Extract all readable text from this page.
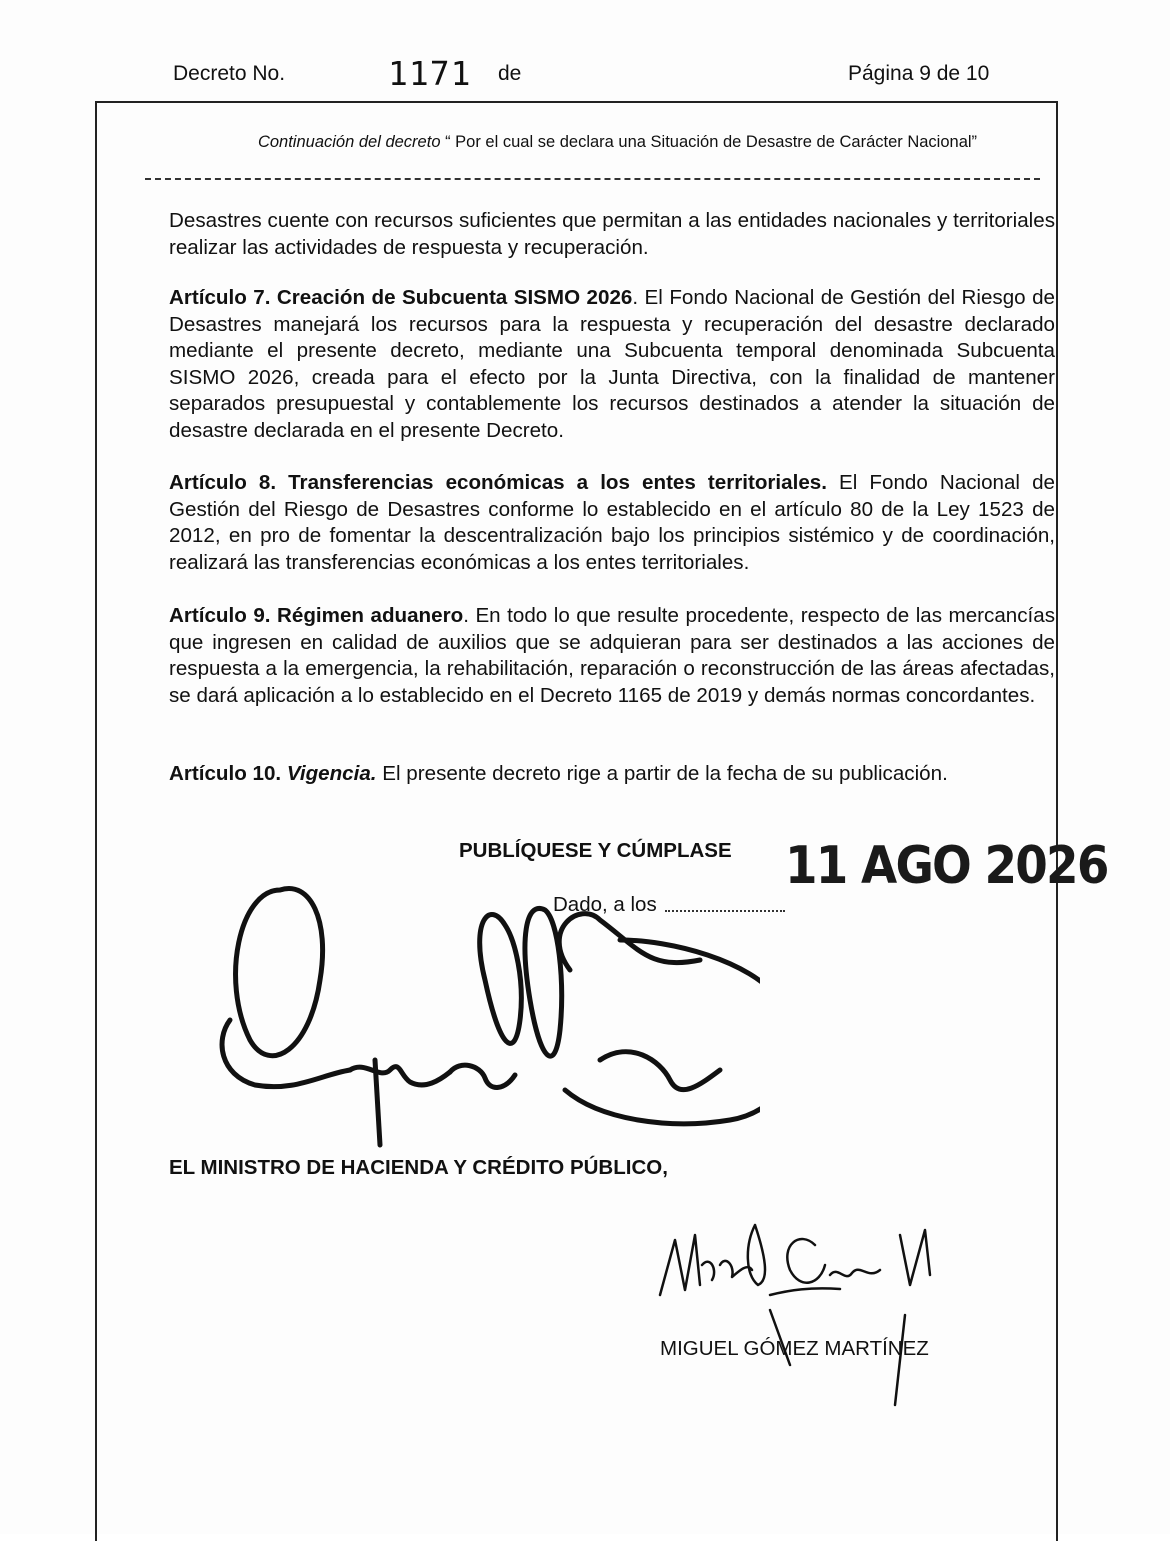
Decreto No.	1171 de	Página 9 de 10
Continuación del decreto “ Por el cual se declara una Situación de Desastre de Carácter Nacional”
Desastres cuente con recursos suficientes que permitan a las entidades nacionales y territoriales realizar las actividades de respuesta y recuperación.
Artículo 7. Creación de Subcuenta SISMO 2026. El Fondo Nacional de Gestión del Riesgo de Desastres manejará los recursos para la respuesta y recuperación del desastre declarado mediante el presente decreto, mediante una Subcuenta temporal denominada Subcuenta SISMO 2026, creada para el efecto por la Junta Directiva, con la finalidad de mantener separados presupuestal y contablemente los recursos destinados a atender la situación de desastre declarada en el presente Decreto.
Artículo 8. Transferencias económicas a los entes territoriales. El Fondo Nacional de Gestión del Riesgo de Desastres conforme lo establecido en el artículo 80 de la Ley 1523 de 2012, en pro de fomentar la descentralización bajo los principios sistémico y de coordinación, realizará las transferencias económicas a los entes territoriales.
Artículo 9. Régimen aduanero. En todo lo que resulte procedente, respecto de las mercancías que ingresen en calidad de auxilios que se adquieran para ser destinados a las acciones de respuesta a la emergencia, la rehabilitación, reparación o reconstrucción de las áreas afectadas, se dará aplicación a lo establecido en el Decreto 1165 de 2019 y demás normas concordantes.
Artículo 10. Vigencia. El presente decreto rige a partir de la fecha de su publicación.
PUBLÍQUESE Y CÚMPLASE 11 AGO 2026
Dado, a los
EL MINISTRO DE HACIENDA Y CRÉDITO PÚBLICO,
MIGUEL GÓMEZ MARTÍNEZ
